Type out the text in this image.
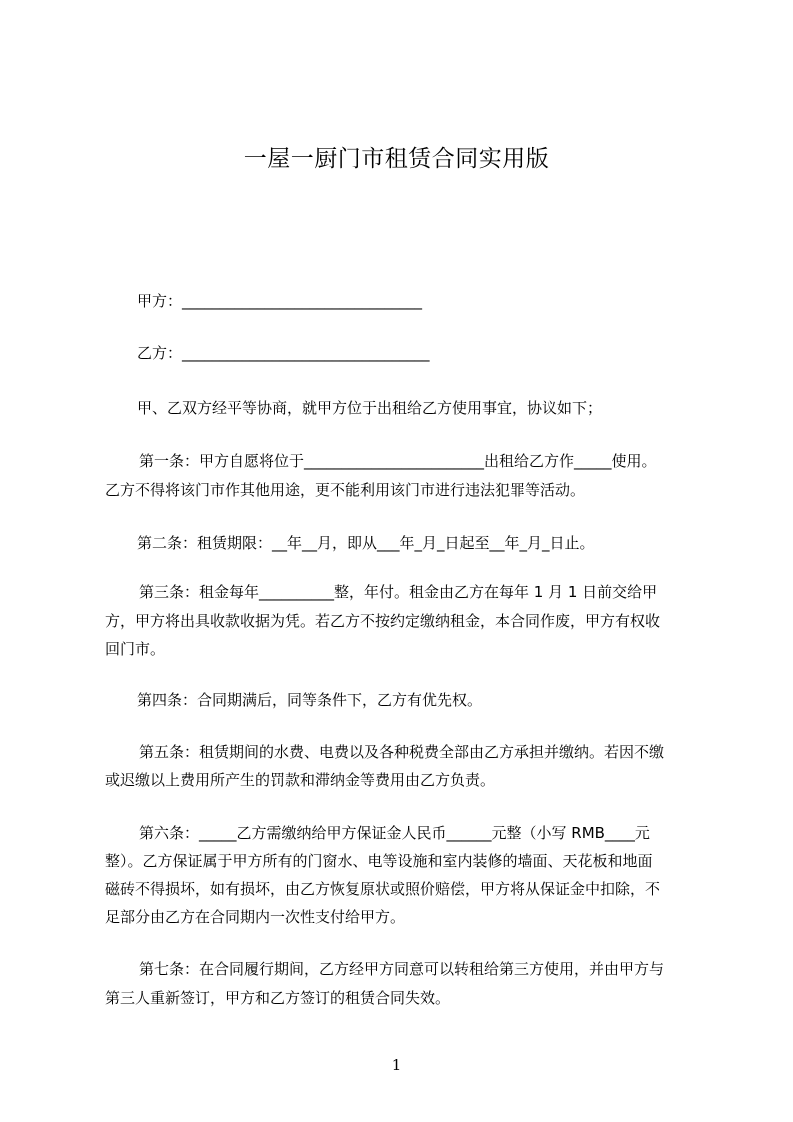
一屋一厨门市租赁合同实用版

甲方：________________________________

乙方：_________________________________

甲、乙双方经平等协商，就甲方位于出租给乙方使用事宜，协议如下；

第一条：甲方自愿将位于________________________出租给乙方作_____使用。

乙方不得将该门市作其他用途，更不能利用该门市进行违法犯罪等活动。

第二条：租赁期限：__年__月，即从___年_月_日起至__年_月_日止。

第三条：租金每年__________整，年付。租金由乙方在每年 1 月 1 日前交给甲

方，甲方将出具收款收据为凭。若乙方不按约定缴纳租金，本合同作废，甲方有权收

回门市。

第四条：合同期满后，同等条件下，乙方有优先权。

第五条：租赁期间的水费、电费以及各种税费全部由乙方承担并缴纳。若因不缴

或迟缴以上费用所产生的罚款和滞纳金等费用由乙方负责。

第六条：_____乙方需缴纳给甲方保证金人民币______元整（小写 RMB____元

整）。乙方保证属于甲方所有的门窗水、电等设施和室内装修的墙面、天花板和地面

磁砖不得损坏，如有损坏，由乙方恢复原状或照价赔偿，甲方将从保证金中扣除，不

足部分由乙方在合同期内一次性支付给甲方。

第七条：在合同履行期间，乙方经甲方同意可以转租给第三方使用，并由甲方与

第三人重新签订，甲方和乙方签订的租赁合同失效。

1
